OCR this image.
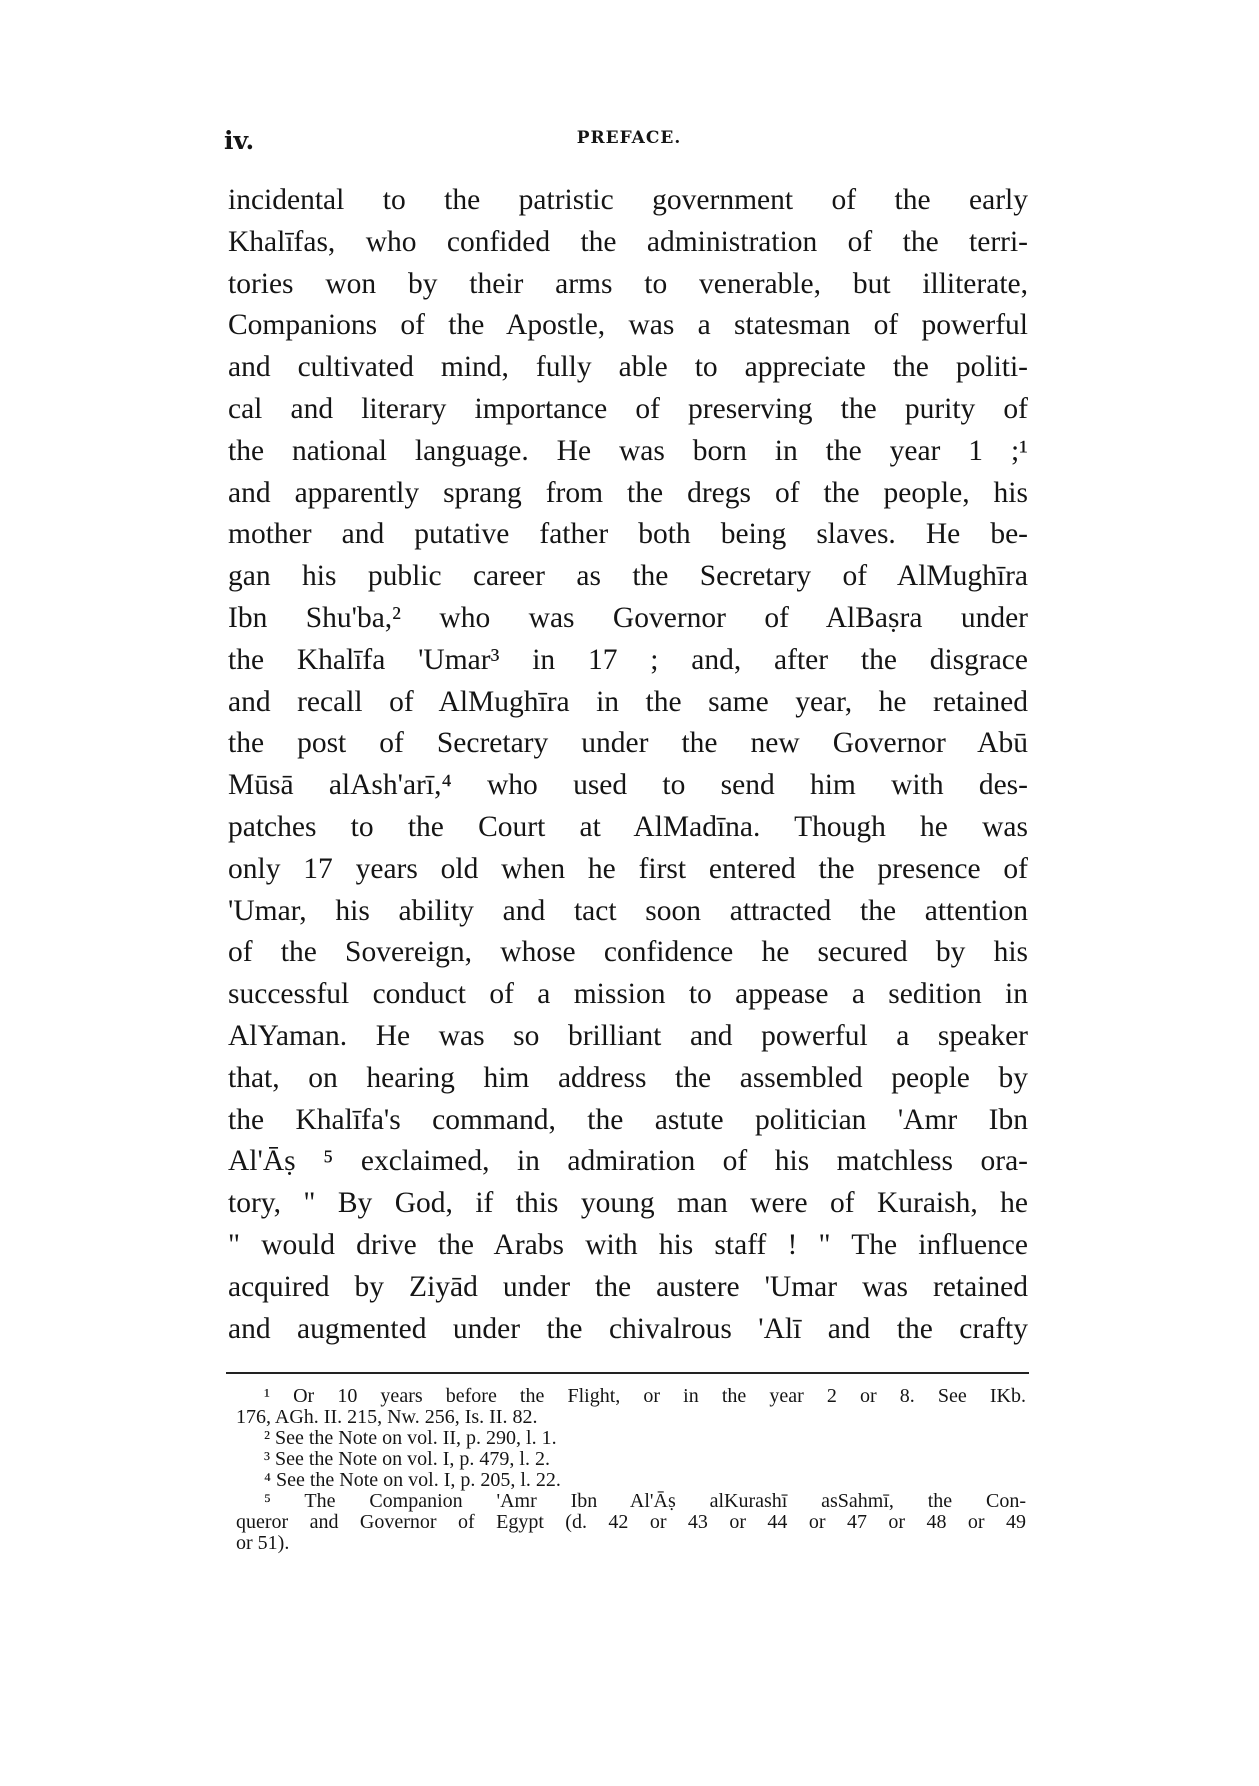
iv.	PREFACE.
incidental to the patristic government of the early
Khalīfas, who confided the administration of the terri-
tories won by their arms to venerable, but illiterate,
Companions of the Apostle, was a statesman of powerful
and cultivated mind, fully able to appreciate the politi-
cal and literary importance of preserving the purity of
the national language. He was born in the year 1 ;¹
and apparently sprang from the dregs of the people, his
mother and putative father both being slaves. He be-
gan his public career as the Secretary of AlMughīra
Ibn Shu'ba,² who was Governor of AlBaṣra under
the Khalīfa 'Umar³ in 17 ; and, after the disgrace
and recall of AlMughīra in the same year, he retained
the post of Secretary under the new Governor Abū
Mūsā alAsh'arī,⁴ who used to send him with des-
patches to the Court at AlMadīna. Though he was
only 17 years old when he first entered the presence of
'Umar, his ability and tact soon attracted the attention
of the Sovereign, whose confidence he secured by his
successful conduct of a mission to appease a sedition in
AlYaman. He was so brilliant and powerful a speaker
that, on hearing him address the assembled people by
the Khalīfa's command, the astute politician 'Amr Ibn
Al'Āṣ ⁵ exclaimed, in admiration of his matchless ora-
tory, " By God, if this young man were of Kuraish, he
" would drive the Arabs with his staff ! " The influence
acquired by Ziyād under the austere 'Umar was retained
and augmented under the chivalrous 'Alī and the crafty
¹ Or 10 years before the Flight, or in the year 2 or 8. See IKb.
176, AGh. II. 215, Nw. 256, Is. II. 82.
² See the Note on vol. II, p. 290, l. 1.
³ See the Note on vol. I, p. 479, l. 2.
⁴ See the Note on vol. I, p. 205, l. 22.
⁵ The Companion 'Amr Ibn Al'Āṣ alKurashī asSahmī, the Con-
queror and Governor of Egypt (d. 42 or 43 or 44 or 47 or 48 or 49
or 51).
